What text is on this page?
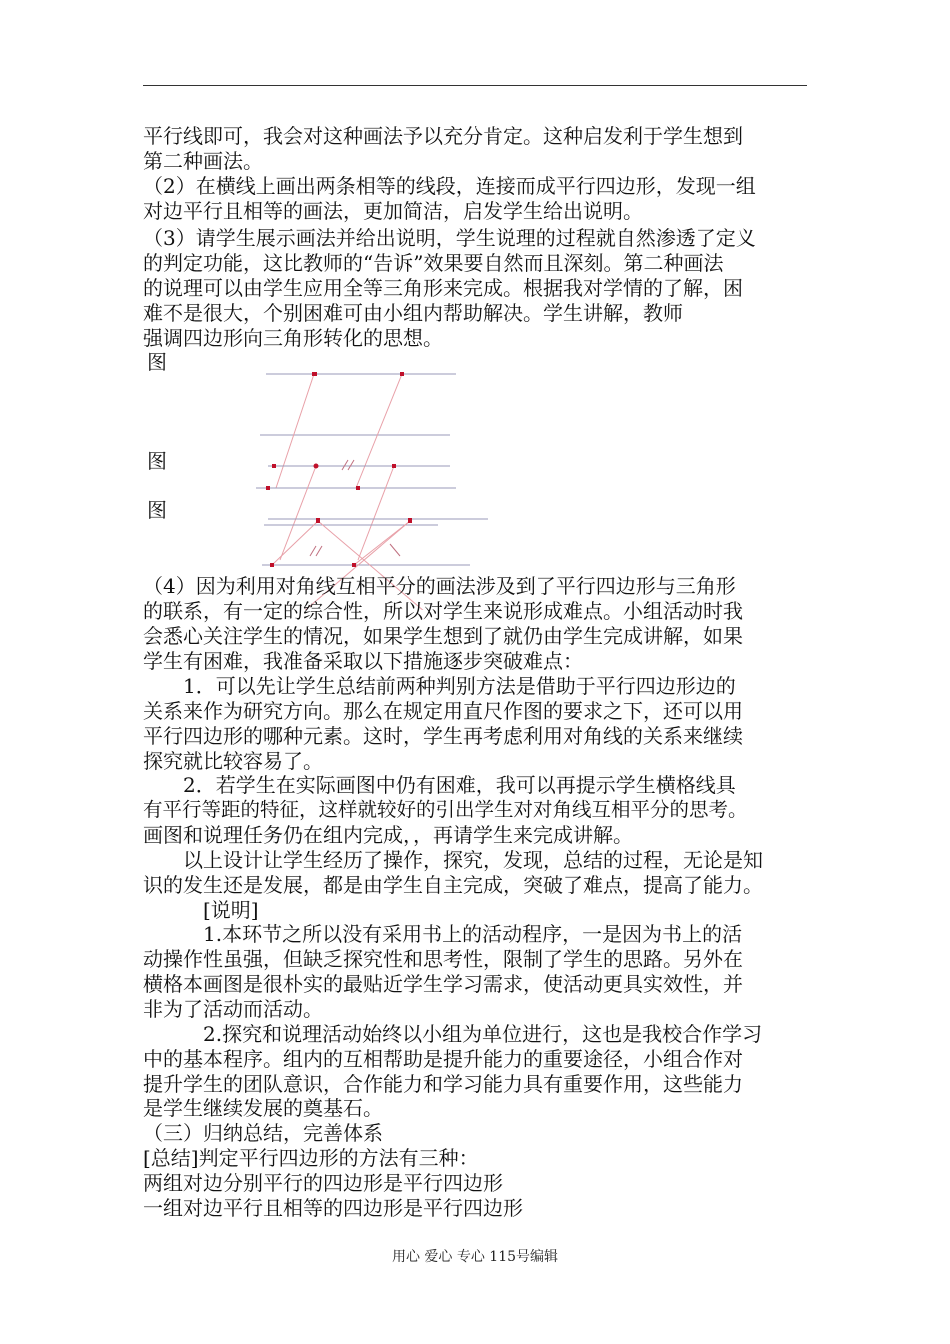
平行线即可，我会对这种画法予以充分肯定。这种启发利于学生想到
第二种画法。
（2）在横线上画出两条相等的线段，连接而成平行四边形，发现一组
对边平行且相等的画法，更加简洁，启发学生给出说明。
（3）请学生展示画法并给出说明，学生说理的过程就自然渗透了定义
的判定功能，这比教师的“告诉”效果要自然而且深刻。第二种画法
的说理可以由学生应用全等三角形来完成。根据我对学情的了解，困
难不是很大，个别困难可由小组内帮助解决。学生讲解，教师
强调四边形向三角形转化的思想。
图
图
图
（4）因为利用对角线互相平分的画法涉及到了平行四边形与三角形
的联系，有一定的综合性，所以对学生来说形成难点。小组活动时我
会悉心关注学生的情况，如果学生想到了就仍由学生完成讲解，如果
学生有困难，我准备采取以下措施逐步突破难点：
　　1．可以先让学生总结前两种判别方法是借助于平行四边形边的
关系来作为研究方向。那么在规定用直尺作图的要求之下，还可以用
平行四边形的哪种元素。这时，学生再考虑利用对角线的关系来继续
探究就比较容易了。
　　2．若学生在实际画图中仍有困难，我可以再提示学生横格线具
有平行等距的特征，这样就较好的引出学生对对角线互相平分的思考。
画图和说理任务仍在组内完成，，再请学生来完成讲解。
　　以上设计让学生经历了操作，探究，发现，总结的过程，无论是知
识的发生还是发展，都是由学生自主完成，突破了难点，提高了能力。
　　　[说明]
　　　1.本环节之所以没有采用书上的活动程序，一是因为书上的活
动操作性虽强，但缺乏探究性和思考性，限制了学生的思路。另外在
横格本画图是很朴实的最贴近学生学习需求，使活动更具实效性，并
非为了活动而活动。
　　　2.探究和说理活动始终以小组为单位进行，这也是我校合作学习
中的基本程序。组内的互相帮助是提升能力的重要途径，小组合作对
提升学生的团队意识，合作能力和学习能力具有重要作用，这些能力
是学生继续发展的奠基石。
（三）归纳总结，完善体系
[总结]判定平行四边形的方法有三种：
两组对边分别平行的四边形是平行四边形
一组对边平行且相等的四边形是平行四边形
用心 爱心 专心 115号编辑
